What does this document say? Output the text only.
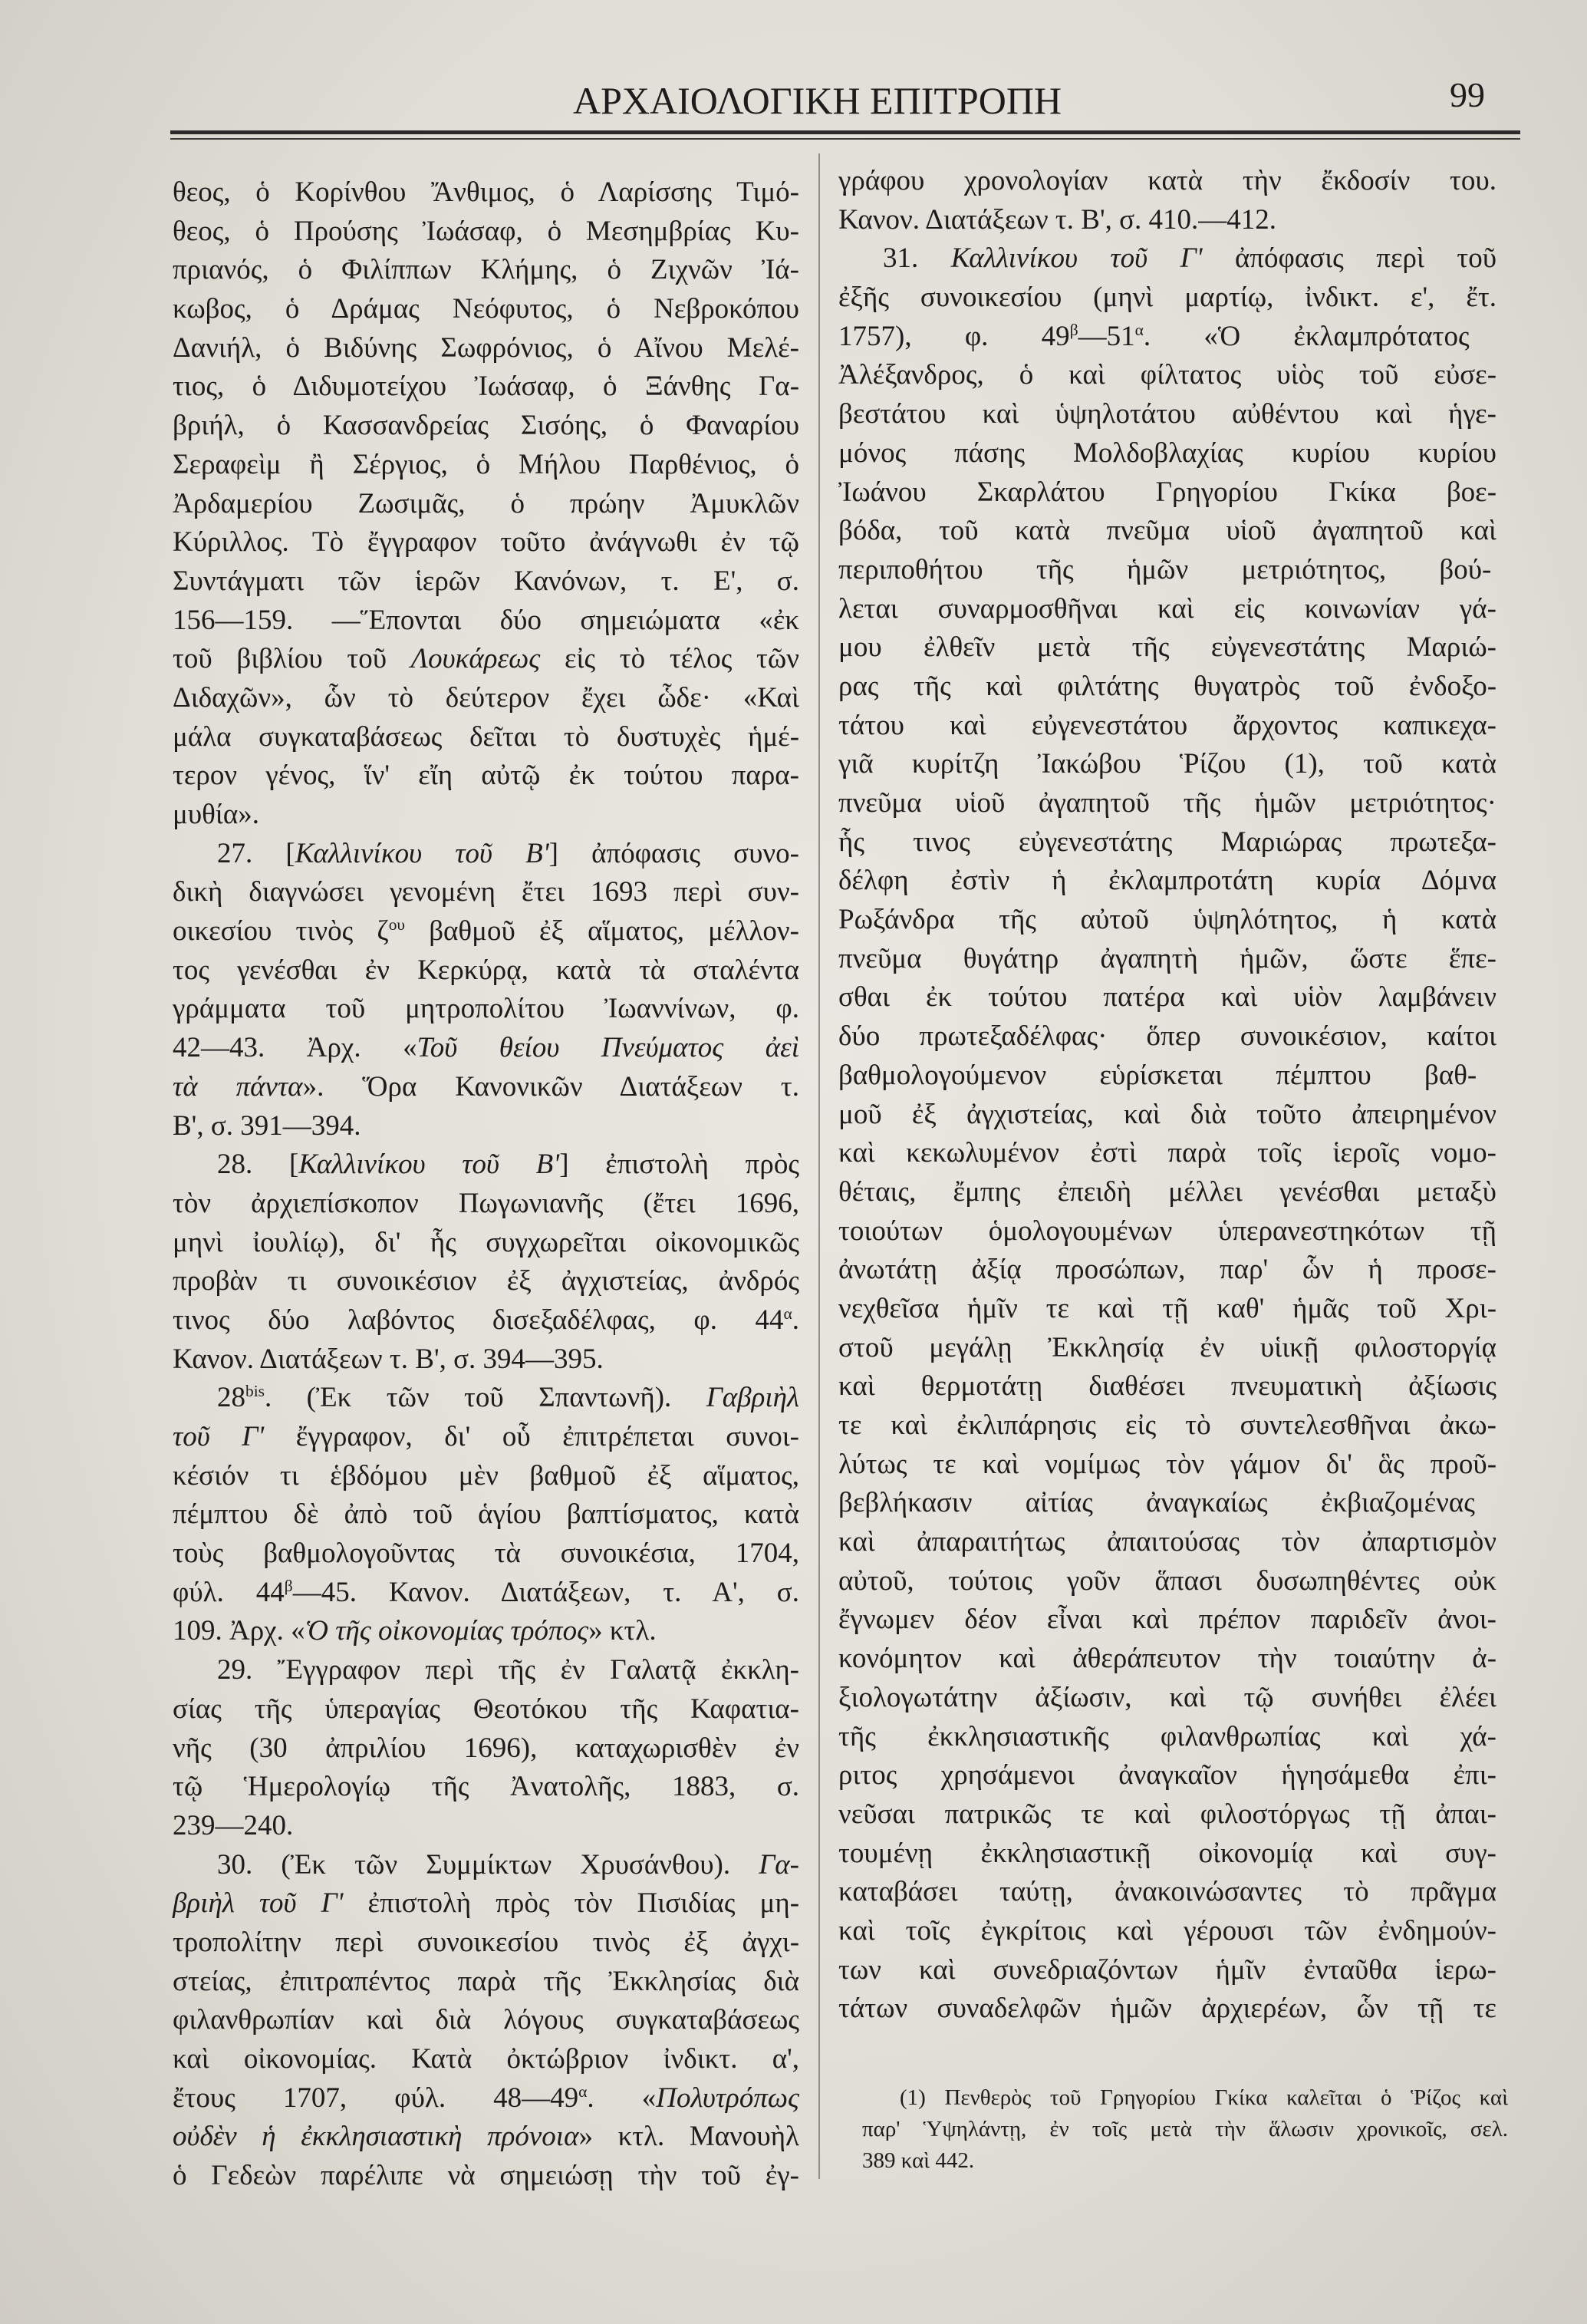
ΑΡΧΑΙΟΛΟΓΙΚΗ ΕΠΙΤΡΟΠΗ	99
θεος, ὁ Κορίνθου Ἄνθιμος, ὁ Λαρίσσης Τιμό-
θεος, ὁ Προύσης Ἰωάσαφ, ὁ Μεσημβρίας Κυ-
πριανός, ὁ Φιλίππων Κλήμης, ὁ Ζιχνῶν Ἰά-
κωβος, ὁ Δράμας Νεόφυτος, ὁ Νεβροκόπου
Δανιήλ, ὁ Βιδύνης Σωφρόνιος, ὁ Αἴνου Μελέ-
τιος, ὁ Διδυμοτείχου Ἰωάσαφ, ὁ Ξάνθης Γα-
βριήλ, ὁ Κασσανδρείας Σισόης, ὁ Φαναρίου
Σεραφεὶμ ἢ Σέργιος, ὁ Μήλου Παρθένιος, ὁ
Ἀρδαμερίου Ζωσιμᾶς, ὁ πρώην Ἀμυκλῶν
Κύριλλος. Τὸ ἔγγραφον τοῦτο ἀνάγνωθι ἐν τῷ
Συντάγματι τῶν ἱερῶν Κανόνων, τ. Ε', σ.
156—159. —Ἕπονται δύο σημειώματα «ἐκ
τοῦ βιβλίου τοῦ Λουκάρεως εἰς τὸ τέλος τῶν
Διδαχῶν», ὧν τὸ δεύτερον ἔχει ὧδε· «Καὶ
μάλα συγκαταβάσεως δεῖται τὸ δυστυχὲς ἡμέ-
τερον γένος, ἵν' εἴη αὐτῷ ἐκ τούτου παρα-
μυθία».
27. [Καλλινίκου τοῦ Β'] ἀπόφασις συνο-
δικὴ διαγνώσει γενομένη ἔτει 1693 περὶ συν-
οικεσίου τινὸς $\zeta^{o\upsilon}$ βαθμοῦ ἐξ αἵματος, μέλλον-
τος γενέσθαι ἐν Κερκύρᾳ, κατὰ τὰ σταλέντα
γράμματα τοῦ μητροπολίτου Ἰωαννίνων, φ.
42—43. Ἀρχ. «Τοῦ θείου Πνεύματος ἀεὶ
τὰ πάντα». Ὅρα Κανονικῶν Διατάξεων τ.
Β', σ. 391—394.
28. [Καλλινίκου τοῦ Β'] ἐπιστολὴ πρὸς
τὸν ἀρχιεπίσκοπον Πωγωνιανῆς (ἔτει 1696,
μηνὶ ἰουλίῳ), δι' ἧς συγχωρεῖται οἰκονομικῶς
προβὰν τι συνοικέσιον ἐξ ἀγχιστείας, ἀνδρός
τινος δύο λαβόντος δισεξαδέλφας, φ. $44^\alpha$.
Κανον. Διατάξεων τ. Β', σ. 394—395.
$28^{bis}$. (Ἐκ τῶν τοῦ Σπαντωνῆ). Γαβριὴλ
τοῦ Γ' ἔγγραφον, δι' οὗ ἐπιτρέπεται συνοι-
κέσιόν τι ἑβδόμου μὲν βαθμοῦ ἐξ αἵματος,
πέμπτου δὲ ἀπὸ τοῦ ἁγίου βαπτίσματος, κατὰ
τοὺς βαθμολογοῦντας τὰ συνοικέσια, 1704,
φύλ. $44^\beta—45$. Κανον. Διατάξεων, τ. Α', σ.
109. Ἀρχ. «Ὁ τῆς οἰκονομίας τρόπος» κτλ.
29. Ἔγγραφον περὶ τῆς ἐν Γαλατᾷ ἐκκλη-
σίας τῆς ὑπεραγίας Θεοτόκου τῆς Καφατια-
νῆς (30 ἀπριλίου 1696), καταχωρισθὲν ἐν
τῷ Ἡμερολογίῳ τῆς Ἀνατολῆς, 1883, σ.
239—240.
30. (Ἐκ τῶν Συμμίκτων Χρυσάνθου). Γα-
βριὴλ τοῦ Γ' ἐπιστολὴ πρὸς τὸν Πισιδίας μη-
τροπολίτην περὶ συνοικεσίου τινὸς ἐξ ἀγχι-
στείας, ἐπιτραπέντος παρὰ τῆς Ἐκκλησίας διὰ
φιλανθρωπίαν καὶ διὰ λόγους συγκαταβάσεως
καὶ οἰκονομίας. Κατὰ ὀκτώβριον ἰνδικτ. α',
ἔτους 1707, φύλ. $48—49^\alpha$. «Πολυτρόπως
οὐδὲν ἡ ἐκκλησιαστικὴ πρόνοια» κτλ. Μανουὴλ
ὁ Γεδεὼν παρέλιπε νὰ σημειώσῃ τὴν τοῦ ἐγ-
γράφου χρονολογίαν κατὰ τὴν ἔκδοσίν του.
Κανον. Διατάξεων τ. Β', σ. 410.—412.
31. Καλλινίκου τοῦ Γ' ἀπόφασις περὶ τοῦ
ἐξῆς συνοικεσίου (μηνὶ μαρτίῳ, ἰνδικτ. ε', ἔτ.
1757), φ. $49^\beta—51^\alpha$. «Ὁ ἐκλαμπρότατος
Ἀλέξανδρος, ὁ καὶ φίλτατος υἱὸς τοῦ εὐσε-
βεστάτου καὶ ὑψηλοτάτου αὐθέντου καὶ ἡγε-
μόνος πάσης Μολδοβλαχίας κυρίου κυρίου
Ἰωάνου Σκαρλάτου Γρηγορίου Γκίκα βοε-
βόδα, τοῦ κατὰ πνεῦμα υἱοῦ ἀγαπητοῦ καὶ
περιποθήτου τῆς ἡμῶν μετριότητος, βού-
λεται συναρμοσθῆναι καὶ εἰς κοινωνίαν γά-
μου ἐλθεῖν μετὰ τῆς εὐγενεστάτης Μαριώ-
ρας τῆς καὶ φιλτάτης θυγατρὸς τοῦ ἐνδοξο-
τάτου καὶ εὐγενεστάτου ἄρχοντος καπικεχα-
γιᾶ κυρίτζη Ἰακώβου Ῥίζου (1), τοῦ κατὰ
πνεῦμα υἱοῦ ἀγαπητοῦ τῆς ἡμῶν μετριότητος·
ἧς τινος εὐγενεστάτης Μαριώρας πρωτεξα-
δέλφη ἐστὶν ἡ ἐκλαμπροτάτη κυρία Δόμνα
Ρωξάνδρα τῆς αὐτοῦ ὑψηλότητος, ἡ κατὰ
πνεῦμα θυγάτηρ ἀγαπητὴ ἡμῶν, ὥστε ἕπε-
σθαι ἐκ τούτου πατέρα καὶ υἱὸν λαμβάνειν
δύο πρωτεξαδέλφας· ὅπερ συνοικέσιον, καίτοι
βαθμολογούμενον εὑρίσκεται πέμπτου βαθ-
μοῦ ἐξ ἀγχιστείας, καὶ διὰ τοῦτο ἀπειρημένον
καὶ κεκωλυμένον ἐστὶ παρὰ τοῖς ἱεροῖς νομο-
θέταις, ἔμπης ἐπειδὴ μέλλει γενέσθαι μεταξὺ
τοιούτων ὁμολογουμένων ὑπερανεστηκότων τῇ
ἀνωτάτῃ ἀξίᾳ προσώπων, παρ' ὧν ἡ προσε-
νεχθεῖσα ἡμῖν τε καὶ τῇ καθ' ἡμᾶς τοῦ Χρι-
στοῦ μεγάλῃ Ἐκκλησίᾳ ἐν υἱικῇ φιλοστοργίᾳ
καὶ θερμοτάτῃ διαθέσει πνευματικὴ ἀξίωσις
τε καὶ ἐκλιπάρησις εἰς τὸ συντελεσθῆναι ἀκω-
λύτως τε καὶ νομίμως τὸν γάμον δι' ἃς προῦ-
βεβλήκασιν αἰτίας ἀναγκαίως ἐκβιαζομένας
καὶ ἀπαραιτήτως ἀπαιτούσας τὸν ἀπαρτισμὸν
αὐτοῦ, τούτοις γοῦν ἅπασι δυσωπηθέντες οὐκ
ἔγνωμεν δέον εἶναι καὶ πρέπον παριδεῖν ἀνοι-
κονόμητον καὶ ἀθεράπευτον τὴν τοιαύτην ἀ-
ξιολογωτάτην ἀξίωσιν, καὶ τῷ συνήθει ἐλέει
τῆς ἐκκλησιαστικῆς φιλανθρωπίας καὶ χά-
ριτος χρησάμενοι ἀναγκαῖον ἡγησάμεθα ἐπι-
νεῦσαι πατρικῶς τε καὶ φιλοστόργως τῇ ἀπαι-
τουμένῃ ἐκκλησιαστικῇ οἰκονομίᾳ καὶ συγ-
καταβάσει ταύτῃ, ἀνακοινώσαντες τὸ πρᾶγμα
καὶ τοῖς ἐγκρίτοις καὶ γέρουσι τῶν ἐνδημούν-
των καὶ συνεδριαζόντων ἡμῖν ἐνταῦθα ἱερω-
τάτων συναδελφῶν ἡμῶν ἀρχιερέων, ὧν τῇ τε
(1) Πενθερὸς τοῦ Γρηγορίου Γκίκα καλεῖται ὁ Ῥίζος καὶ
παρ' Ὑψηλάντῃ, ἐν τοῖς μετὰ τὴν ἅλωσιν χρονικοῖς, σελ.
389 καὶ 442.
